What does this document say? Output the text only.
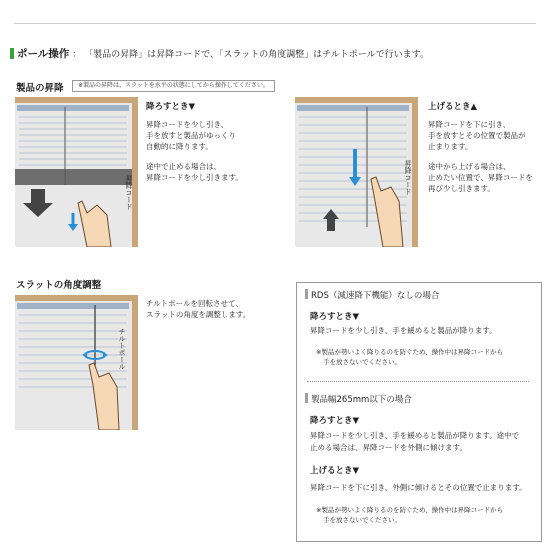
ポール操作 ： 「製品の昇降」は昇降コードで、「スラットの角度調整」はチルトポールで行います。
製品の昇降	※製品の昇降は、スラットを水平の状態にしてから操作してください。
昇降コード
降ろすとき▼
昇降コードを少し引き、
手を放すと製品がゆっくり
自動的に降ります。
途中で止める場合は、
昇降コードを少し引きます。	昇降コード
上げるとき▲
昇降コードを下に引き、
手を放すとその位置で製品が
止まります。
途中から上げる場合は、
止めたい位置で、昇降コードを
再び少し引きます。
スラットの角度調整
チルトポール
チルトポールを回転させて、
スラットの角度を調整します。
RDS（減速降下機能）なしの場合
降ろすとき▼
昇降コードを少し引き、手を緩めると製品が降ります。
※製品が勢いよく降りるのを防ぐため、操作中は昇降コードから
手を放さないでください。
製品幅265mm以下の場合
降ろすとき▼
昇降コードを少し引き、手を緩めると製品が降ります。途中で
止める場合は、昇降コードを外側に傾けます。
上げるとき▼
昇降コードを下に引き、外側に傾けるとその位置で止まります。
※製品が勢いよく降りるのを防ぐため、操作中は昇降コードから
手を放さないでください。
